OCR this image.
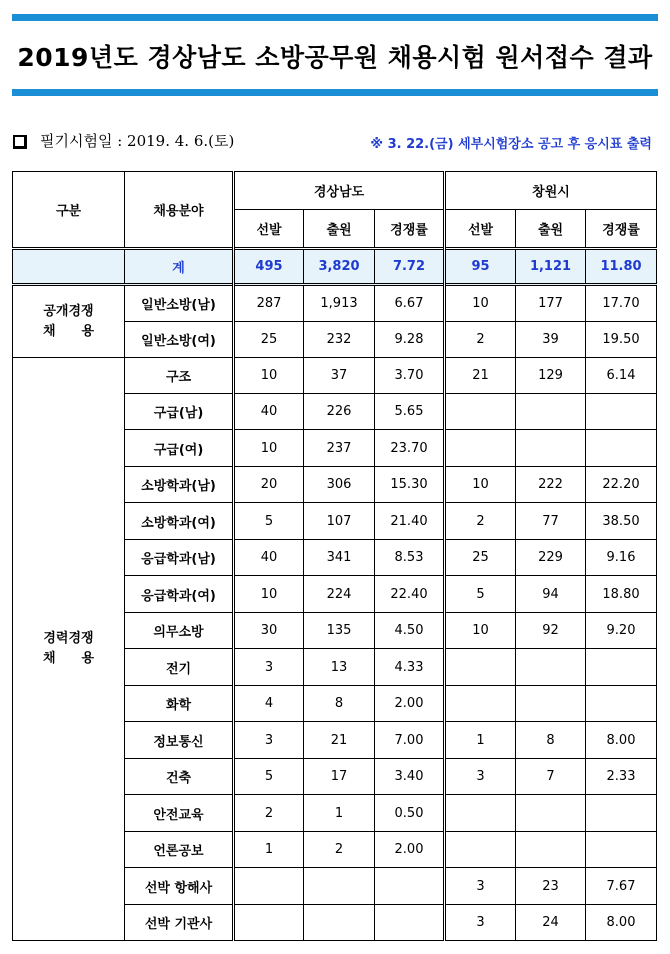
2019년도 경상남도 소방공무원 채용시험 원서접수 결과
필기시험일 : 2019. 4. 6.(토)	※ 3. 22.(금) 세부시험장소 공고 후 응시표 출력
구분	채용분야	경상남도			창원시		
		선발	출원	경쟁률	선발	출원	경쟁률
	계	495	3,820	7.72	95	1,121	11.80

공개경쟁
채　　용	일반소방(남)	287	1,913	6.67	10	177	17.70
	일반소방(여)	25	232	9.28	2	39	19.50

경력경쟁
채　　용	구조	10	37	3.70	21	129	6.14
	구급(남)	40	226	5.65			
	구급(여)	10	237	23.70			
	소방학과(남)	20	306	15.30	10	222	22.20
	소방학과(여)	5	107	21.40	2	77	38.50
	응급학과(남)	40	341	8.53	25	229	9.16
	응급학과(여)	10	224	22.40	5	94	18.80
	의무소방	30	135	4.50	10	92	9.20
	전기	3	13	4.33			
	화학	4	8	2.00			
	정보통신	3	21	7.00	1	8	8.00
	건축	5	17	3.40	3	7	2.33
	안전교육	2	1	0.50			
	언론공보	1	2	2.00			
	선박 항해사				3	23	7.67
	선박 기관사				3	24	8.00
